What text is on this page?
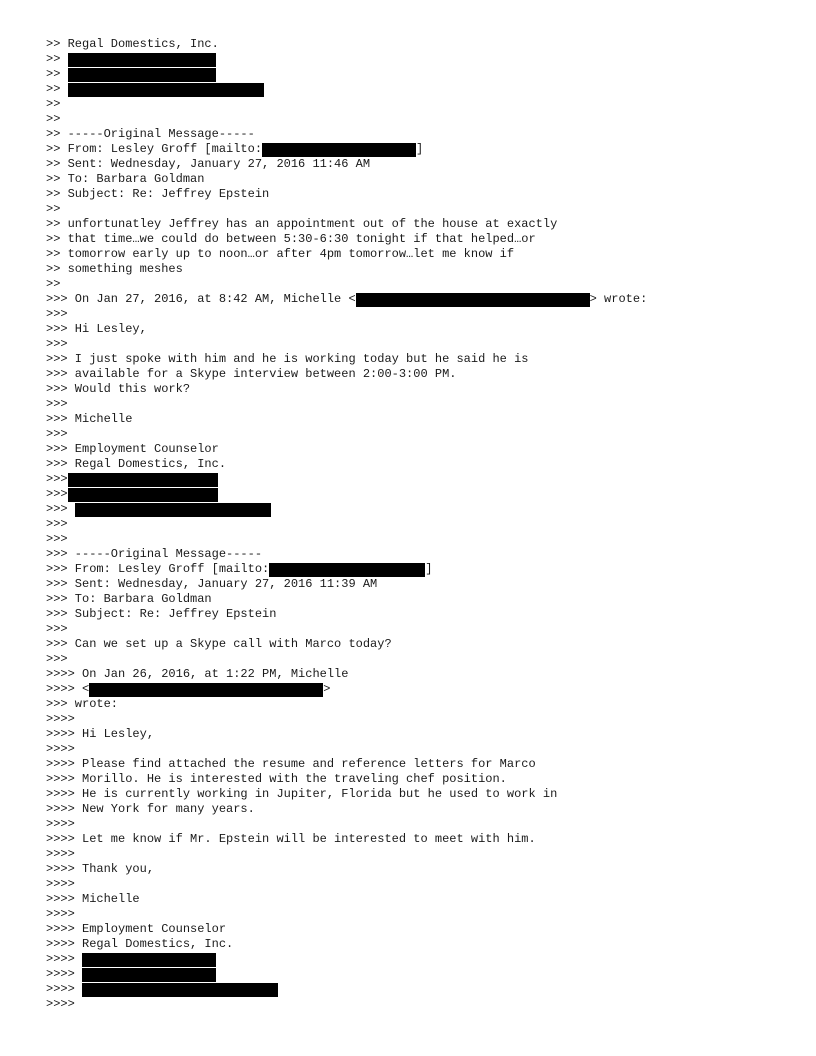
>> Regal Domestics, Inc.
>>
>>
>>
>>
>>
>> -----Original Message-----
>> From: Lesley Groff [mailto:	]
>> Sent: Wednesday, January 27, 2016 11:46 AM
>> To: Barbara Goldman
>> Subject: Re: Jeffrey Epstein
>>
>> unfortunatley Jeffrey has an appointment out of the house at exactly
>> that time…we could do between 5:30-6:30 tonight if that helped…or
>> tomorrow early up to noon…or after 4pm tomorrow…let me know if
>> something meshes
>>
>>> On Jan 27, 2016, at 8:42 AM, Michelle <	> wrote:
>>>
>>> Hi Lesley,
>>>
>>> I just spoke with him and he is working today but he said he is
>>> available for a Skype interview between 2:00-3:00 PM.
>>> Would this work?
>>>
>>> Michelle
>>>
>>> Employment Counselor
>>> Regal Domestics, Inc.
>>>
>>>
>>>
>>>
>>>
>>> -----Original Message-----
>>> From: Lesley Groff [mailto:	]
>>> Sent: Wednesday, January 27, 2016 11:39 AM
>>> To: Barbara Goldman
>>> Subject: Re: Jeffrey Epstein
>>>
>>> Can we set up a Skype call with Marco today?
>>>
>>>> On Jan 26, 2016, at 1:22 PM, Michelle
>>>> <	>
>>> wrote:
>>>>
>>>> Hi Lesley,
>>>>
>>>> Please find attached the resume and reference letters for Marco
>>>> Morillo. He is interested with the traveling chef position.
>>>> He is currently working in Jupiter, Florida but he used to work in
>>>> New York for many years.
>>>>
>>>> Let me know if Mr. Epstein will be interested to meet with him.
>>>>
>>>> Thank you,
>>>>
>>>> Michelle
>>>>
>>>> Employment Counselor
>>>> Regal Domestics, Inc.
>>>>
>>>>
>>>>
>>>>
